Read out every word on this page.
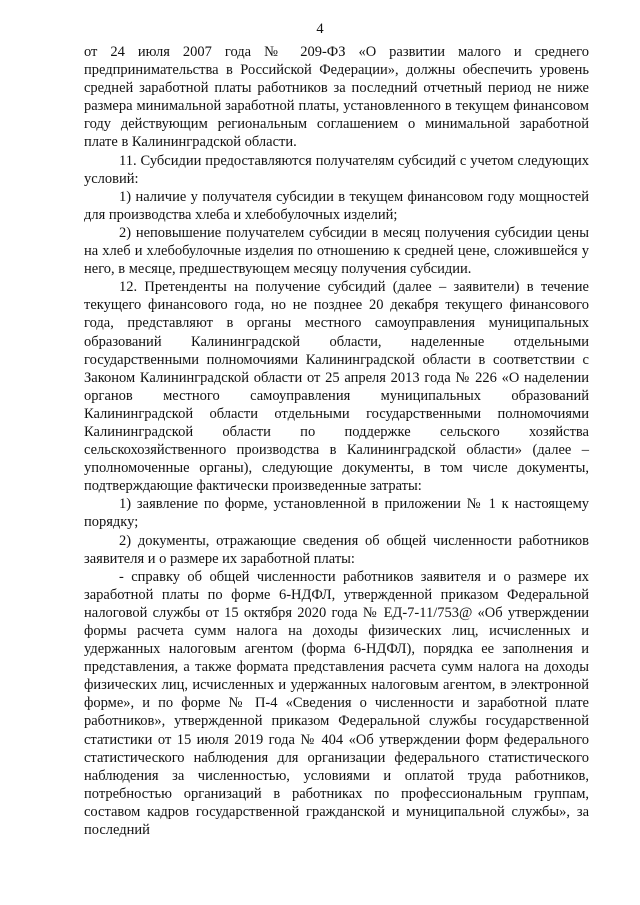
4

от 24 июля 2007 года № 209-ФЗ «О развитии малого и среднего предпринимательства в Российской Федерации», должны обеспечить уровень средней заработной платы работников за последний отчетный период не ниже размера минимальной заработной платы, установленного в текущем финансовом году действующим региональным соглашением о минимальной заработной плате в Калининградской области.

11. Субсидии предоставляются получателям субсидий с учетом следующих условий:

1) наличие у получателя субсидии в текущем финансовом году мощностей для производства хлеба и хлебобулочных изделий;

2) неповышение получателем субсидии в месяц получения субсидии цены на хлеб и хлебобулочные изделия по отношению к средней цене, сложившейся у него, в месяце, предшествующем месяцу получения субсидии.

12. Претенденты на получение субсидий (далее – заявители) в течение текущего финансового года, но не позднее 20 декабря текущего финансового года, представляют в органы местного самоуправления муниципальных образований Калининградской области, наделенные отдельными государственными полномочиями Калининградской области в соответствии с Законом Калининградской области от 25 апреля 2013 года № 226 «О наделении органов местного самоуправления муниципальных образований Калининградской области отдельными государственными полномочиями Калининградской области по поддержке сельского хозяйства сельскохозяйственного производства в Калининградской области» (далее – уполномоченные органы), следующие документы, в том числе документы, подтверждающие фактически произведенные затраты:

1) заявление по форме, установленной в приложении № 1 к настоящему порядку;

2) документы, отражающие сведения об общей численности работников заявителя и о размере их заработной платы:

- справку об общей численности работников заявителя и о размере их заработной платы по форме 6-НДФЛ, утвержденной приказом Федеральной налоговой службы от 15 октября 2020 года № ЕД-7-11/753@ «Об утверждении формы расчета сумм налога на доходы физических лиц, исчисленных и удержанных налоговым агентом (форма 6-НДФЛ), порядка ее заполнения и представления, а также формата представления расчета сумм налога на доходы физических лиц, исчисленных и удержанных налоговым агентом, в электронной форме», и по форме № П-4 «Сведения о численности и заработной плате работников», утвержденной приказом Федеральной службы государственной статистики от 15 июля 2019 года № 404 «Об утверждении форм федерального статистического наблюдения для организации федерального статистического наблюдения за численностью, условиями и оплатой труда работников, потребностью организаций в работниках по профессиональным группам, составом кадров государственной гражданской и муниципальной службы», за последний
